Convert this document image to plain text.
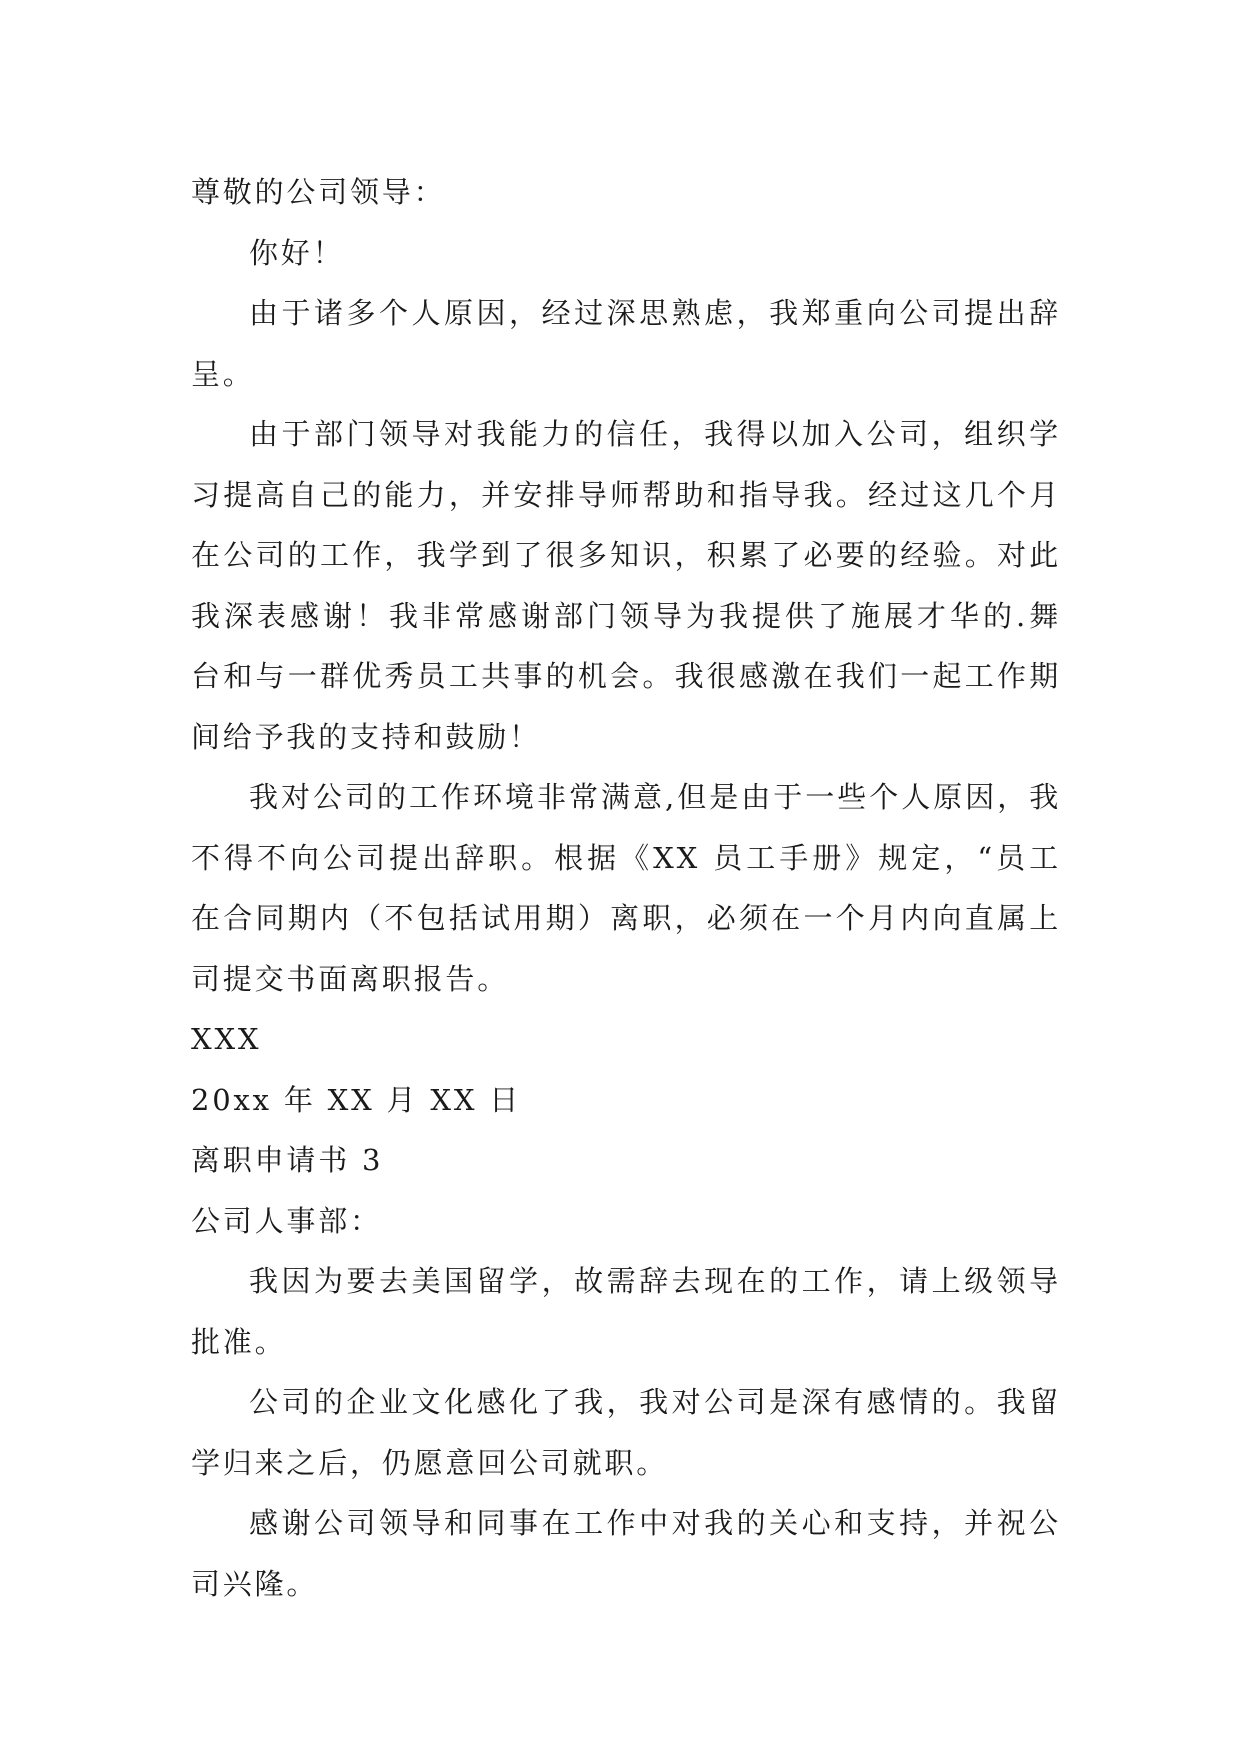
尊敬的公司领导：

你好！

由于诸多个人原因，经过深思熟虑，我郑重向公司提出辞呈。

由于部门领导对我能力的信任，我得以加入公司，组织学习提高自己的能力，并安排导师帮助和指导我。经过这几个月在公司的工作，我学到了很多知识，积累了必要的经验。对此我深表感谢！我非常感谢部门领导为我提供了施展才华的.舞台和与一群优秀员工共事的机会。我很感激在我们一起工作期间给予我的支持和鼓励！

我对公司的工作环境非常满意,但是由于一些个人原因，我不得不向公司提出辞职。根据《XX 员工手册》规定，“员工在合同期内（不包括试用期）离职，必须在一个月内向直属上司提交书面离职报告。

XXX

20xx 年 XX 月 XX 日

离职申请书 3

公司人事部：

我因为要去美国留学，故需辞去现在的工作，请上级领导批准。

公司的企业文化感化了我，我对公司是深有感情的。我留学归来之后，仍愿意回公司就职。

感谢公司领导和同事在工作中对我的关心和支持，并祝公司兴隆。
